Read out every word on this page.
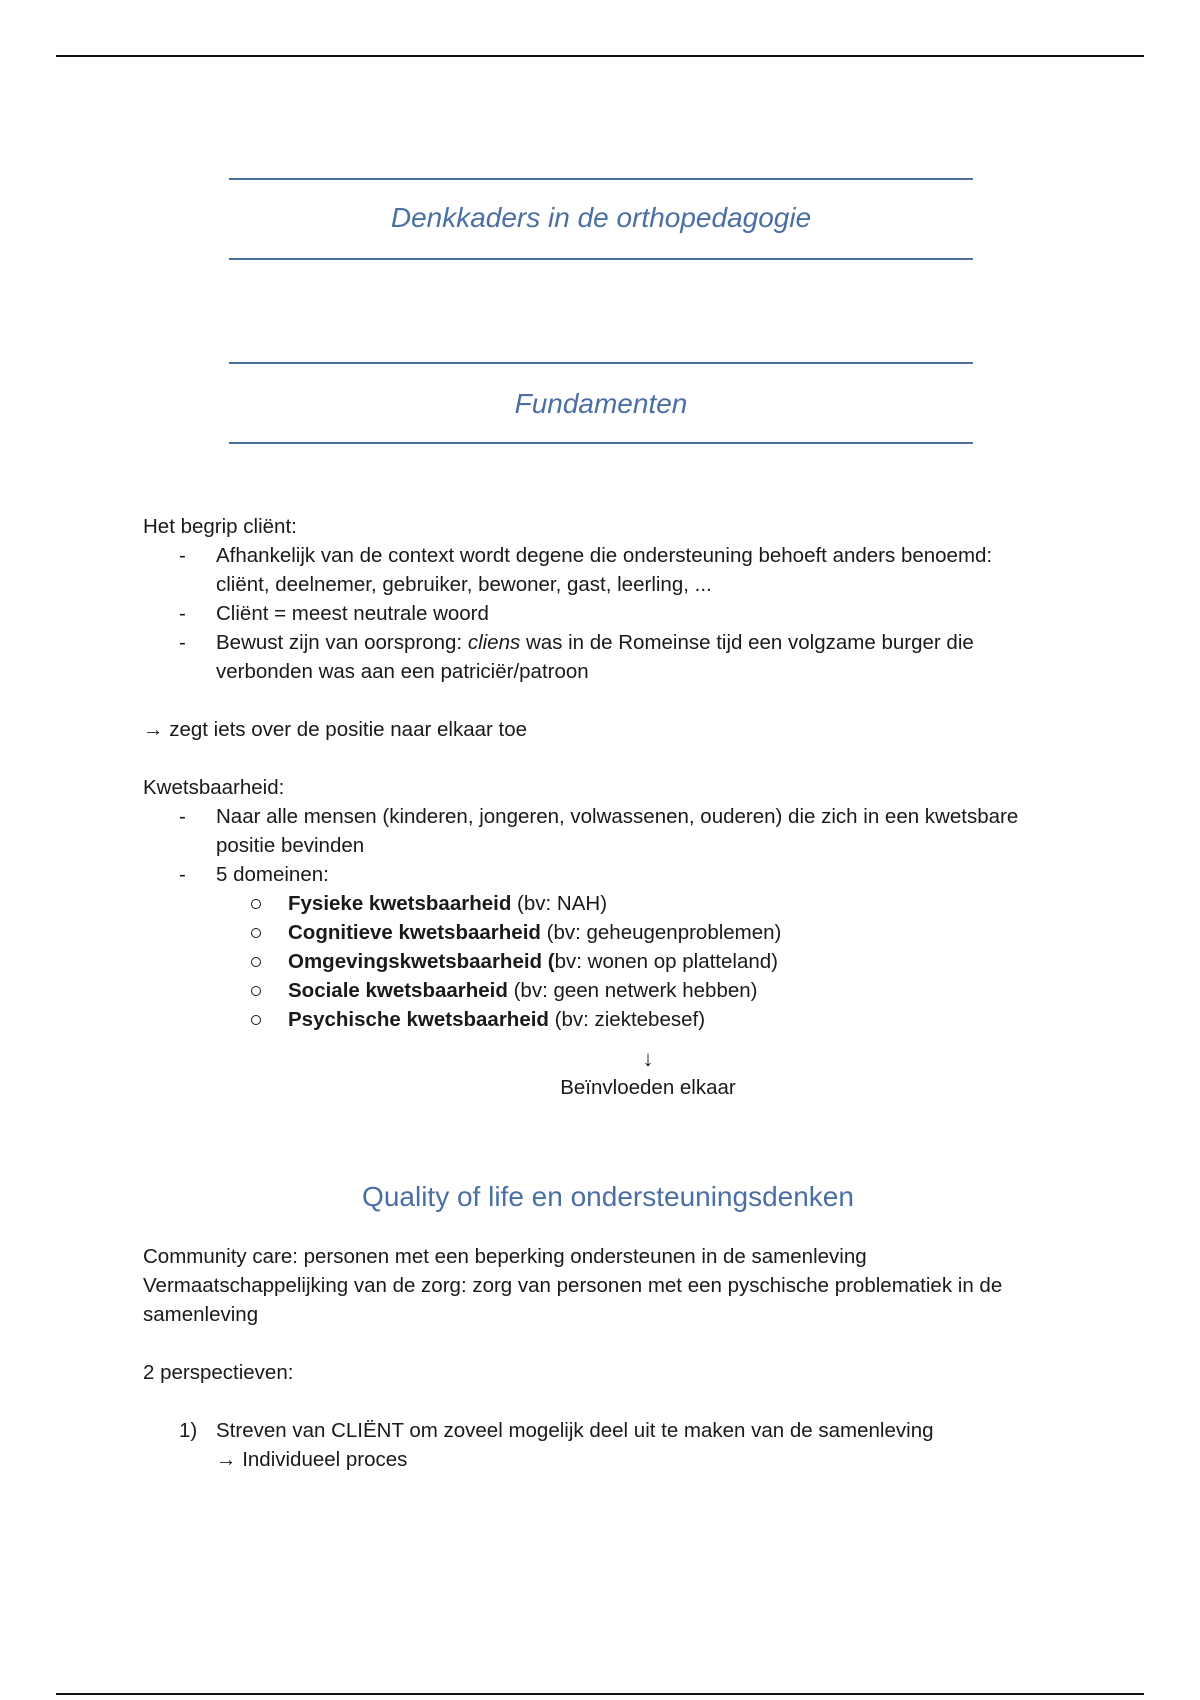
Denkkaders in de orthopedagogie
Fundamenten

Het begrip cliënt:

- Afhankelijk van de context wordt degene die ondersteuning behoeft anders benoemd: cliënt, deelnemer, gebruiker, bewoner, gast, leerling, ...
- Cliënt = meest neutrale woord
- Bewust zijn van oorsprong: cliens was in de Romeinse tijd een volgzame burger die verbonden was aan een patriciër/patroon

→ zegt iets over de positie naar elkaar toe

Kwetsbaarheid:

- Naar alle mensen (kinderen, jongeren, volwassenen, ouderen) die zich in een kwetsbare positie bevinden
- 5 domeinen:
Fysieke kwetsbaarheid (bv: NAH)
Cognitieve kwetsbaarheid (bv: geheugenproblemen)
Omgevingskwetsbaarheid (bv: wonen op platteland)
Sociale kwetsbaarheid (bv: geen netwerk hebben)
Psychische kwetsbaarheid (bv: ziektebesef)
↓
Beïnvloeden elkaar
Quality of life en ondersteuningsdenken

Community care: personen met een beperking ondersteunen in de samenleving

Vermaatschappelijking van de zorg: zorg van personen met een pyschische problematiek in de samenleving

2 perspectieven:

1) Streven van CLIËNT om zoveel mogelijk deel uit te maken van de samenleving
→ Individueel proces
